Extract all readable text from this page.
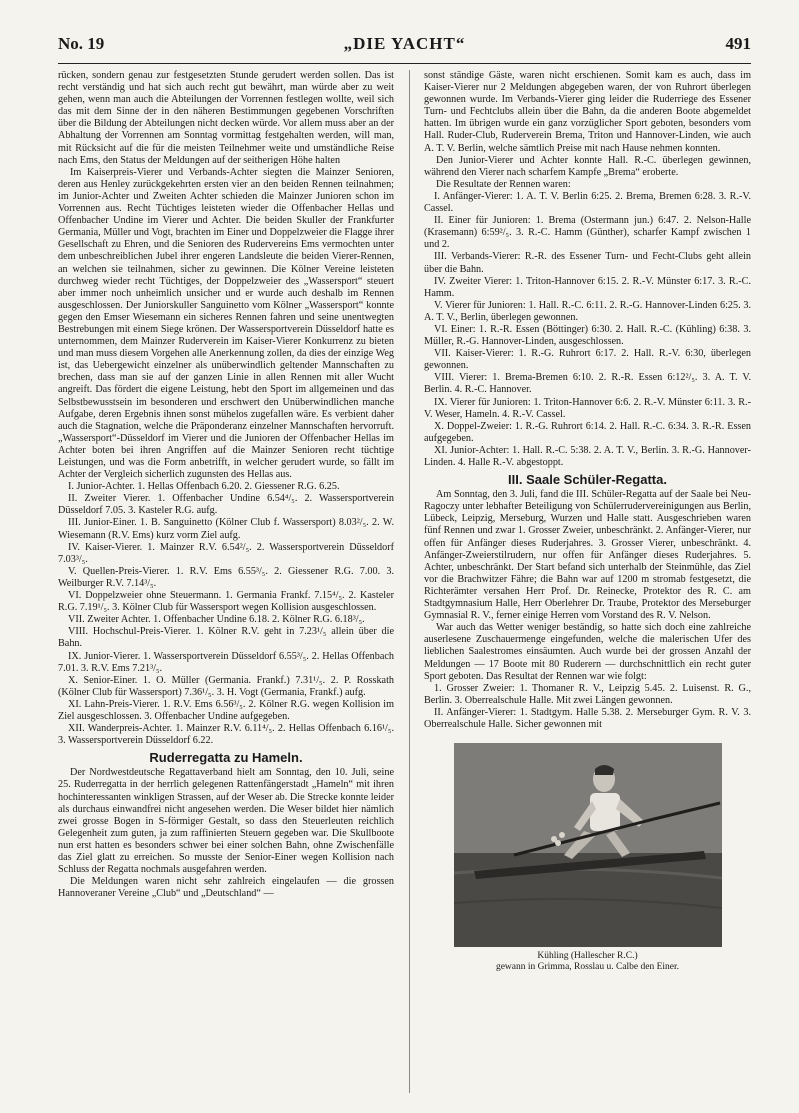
No. 19	„DIE YACHT“	491

rücken, sondern genau zur festgesetzten Stunde gerudert werden sollen. Das ist recht verständig und hat sich auch recht gut bewährt, man würde aber zu weit gehen, wenn man auch die Abteilungen der Vorrennen festlegen wollte, weil sich das mit dem Sinne der in den näheren Bestimmungen gegebenen Vorschriften über die Bildung der Abteilungen nicht decken würde. Vor allem muss aber an der Abhaltung der Vorrennen am Sonntag vormittag festgehalten werden, will man, mit Rücksicht auf die für die meisten Teilnehmer weite und umständliche Reise nach Ems, den Status der Meldungen auf der seitherigen Höhe halten

Im Kaiserpreis-Vierer und Verbands-Achter siegten die Mainzer Senioren, deren aus Henley zurückgekehrten ersten vier an den beiden Rennen teilnahmen; im Junior-Achter und Zweiten Achter schieden die Mainzer Junioren schon im Vorrennen aus. Recht Tüchtiges leisteten wieder die Offenbacher Hellas und Offenbacher Undine im Vierer und Achter. Die beiden Skuller der Frankfurter Germania, Müller und Vogt, brachten im Einer und Doppelzweier die Flagge ihrer Gesellschaft zu Ehren, und die Senioren des Rudervereins Ems vermochten unter dem unbeschreiblichen Jubel ihrer engeren Landsleute die beiden Vierer-Rennen, an welchen sie teilnahmen, sicher zu gewinnen. Die Kölner Vereine leisteten durchweg wieder recht Tüchtiges, der Doppelzweier des „Wassersport“ steuert aber immer noch unheimlich unsicher und er wurde auch deshalb im Rennen ausgeschlossen. Der Juniorskuller Sanguinetto vom Kölner „Wassersport“ konnte gegen den Emser Wiesemann ein sicheres Rennen fahren und seine unentwegten Bestrebungen mit einem Siege krönen. Der Wassersportverein Düsseldorf hatte es unternommen, dem Mainzer Ruderverein im Kaiser-Vierer Konkurrenz zu bieten und man muss diesem Vorgehen alle Anerkennung zollen, da dies der einzige Weg ist, das Uebergewicht einzelner als unüberwindlich geltender Mannschaften zu brechen, dass man sie auf der ganzen Linie in allen Rennen mit aller Wucht angreift. Das fördert die eigene Leistung, hebt den Sport im allgemeinen und das Selbstbewusstsein im besonderen und erschwert den Unüberwindlichen manche Aufgabe, deren Ergebnis ihnen sonst mühelos zugefallen wäre. Es verbient daher auch die Stagnation, welche die Präponderanz einzelner Mannschaften hervorruft. „Wassersport“-Düsseldorf im Vierer und die Junioren der Offenbacher Hellas im Achter boten bei ihren Angriffen auf die Mainzer Senioren recht tüchtige Leistungen, und was die Form anbetrifft, in welcher gerudert wurde, so fällt im Achter der Vergleich sicherlich zugunsten des Hellas aus.

I. Junior-Achter. 1. Hellas Offenbach 6.20. 2. Giessener R.G. 6.25.

II. Zweiter Vierer. 1. Offenbacher Undine 6.54⁴/₅. 2. Wassersportverein Düsseldorf 7.05. 3. Kasteler R.G. aufg.

III. Junior-Einer. 1. B. Sanguinetto (Kölner Club f. Wassersport) 8.03²/₅. 2. W. Wiesemann (R.V. Ems) kurz vorm Ziel aufg.

IV. Kaiser-Vierer. 1. Mainzer R.V. 6.54²/₅. 2. Wassersportverein Düsseldorf 7.03³/₅.

V. Quellen-Preis-Vierer. 1. R.V. Ems 6.55³/₅. 2. Giessener R.G. 7.00. 3. Weilburger R.V. 7.14³/₅.

VI. Doppelzweier ohne Steuermann. 1. Germania Frankf. 7.15⁴/₅. 2. Kasteler R.G. 7.19¹/₅. 3. Kölner Club für Wassersport wegen Kollision ausgeschlossen.

VII. Zweiter Achter. 1. Offenbacher Undine 6.18. 2. Kölner R.G. 6.18³/₅.

VIII. Hochschul-Preis-Vierer. 1. Kölner R.V. geht in 7.23¹/₅ allein über die Bahn.

IX. Junior-Vierer. 1. Wassersportverein Düsseldorf 6.55³/₅. 2. Hellas Offenbach 7.01. 3. R.V. Ems 7.21³/₅.

X. Senior-Einer. 1. O. Müller (Germania. Frankf.) 7.31¹/₅. 2. P. Rosskath (Kölner Club für Wassersport) 7.36¹/₅. 3. H. Vogt (Germania, Frankf.) aufg.

XI. Lahn-Preis-Vierer. 1. R.V. Ems 6.56³/₅. 2. Kölner R.G. wegen Kollision im Ziel ausgeschlossen. 3. Offenbacher Undine aufgegeben.

XII. Wanderpreis-Achter. 1. Mainzer R.V. 6.11⁴/₅. 2. Hellas Offenbach 6.16¹/₅. 3. Wassersportverein Düsseldorf 6.22.

Ruderregatta zu Hameln.

Der Nordwestdeutsche Regattaverband hielt am Sonntag, den 10. Juli, seine 25. Ruderregatta in der herrlich gelegenen Rattenfängerstadt „Hameln“ mit ihren hochinteressanten winkligen Strassen, auf der Weser ab. Die Strecke konnte leider als durchaus einwandfrei nicht angesehen werden. Die Weser bildet hier nämlich zwei grosse Bogen in S-förmiger Gestalt, so dass den Steuerleuten reichlich Gelegenheit zum guten, ja zum raffinierten Steuern gegeben war. Die Skullboote nun erst hatten es besonders schwer bei einer solchen Bahn, ohne Zwischenfälle das Ziel glatt zu erreichen. So musste der Senior-Einer wegen Kollision nach Schluss der Regatta nochmals ausgefahren werden.

Die Meldungen waren nicht sehr zahlreich eingelaufen — die grossen Hannoveraner Vereine „Club“ und „Deutschland“ —

sonst ständige Gäste, waren nicht erschienen. Somit kam es auch, dass im Kaiser-Vierer nur 2 Meldungen abgegeben waren, der von Ruhrort überlegen gewonnen wurde. Im Verbands-Vierer ging leider die Ruderriege des Essener Turn- und Fechtclubs allein über die Bahn, da die anderen Boote abgemeldet hatten. Im übrigen wurde ein ganz vorzüglicher Sport geboten, besonders vom Hall. Ruder-Club, Ruderverein Brema, Triton und Hannover-Linden, wie auch A. T. V. Berlin, welche sämtlich Preise mit nach Hause nehmen konnten.

Den Junior-Vierer und Achter konnte Hall. R.-C. überlegen gewinnen, während den Vierer nach scharfem Kampfe „Brema“ eroberte.

Die Resultate der Rennen waren:

I. Anfänger-Vierer: 1. A. T. V. Berlin 6:25. 2. Brema, Bremen 6:28. 3. R.-V. Cassel.

II. Einer für Junioren: 1. Brema (Ostermann jun.) 6:47. 2. Nelson-Halle (Krasemann) 6:59²/₅. 3. R.-C. Hamm (Günther), scharfer Kampf zwischen 1 und 2.

III. Verbands-Vierer: R.-R. des Essener Turn- und Fecht-Clubs geht allein über die Bahn.

IV. Zweiter Vierer: 1. Triton-Hannover 6:15. 2. R.-V. Münster 6:17. 3. R.-C. Hamm.

V. Vierer für Junioren: 1. Hall. R.-C. 6:11. 2. R.-G. Hannover-Linden 6:25. 3. A. T. V., Berlin, überlegen gewonnen.

VI. Einer: 1. R.-R. Essen (Böttinger) 6:30. 2. Hall. R.-C. (Kühling) 6:38. 3. Müller, R.-G. Hannover-Linden, ausgeschlossen.

VII. Kaiser-Vierer: 1. R.-G. Ruhrort 6:17. 2. Hall. R.-V. 6:30, überlegen gewonnen.

VIII. Vierer: 1. Brema-Bremen 6:10. 2. R.-R. Essen 6:12²/₅. 3. A. T. V. Berlin. 4. R.-C. Hannover.

IX. Vierer für Junioren: 1. Triton-Hannover 6:6. 2. R.-V. Münster 6:11. 3. R.-V. Weser, Hameln. 4. R.-V. Cassel.

X. Doppel-Zweier: 1. R.-G. Ruhrort 6:14. 2. Hall. R.-C. 6:34. 3. R.-R. Essen aufgegeben.

XI. Junior-Achter: 1. Hall. R.-C. 5:38. 2. A. T. V., Berlin. 3. R.-G. Hannover-Linden. 4. Halle R.-V. abgestoppt.

III. Saale Schüler-Regatta.

Am Sonntag, den 3. Juli, fand die III. Schüler-Regatta auf der Saale bei Neu-Ragoczy unter lebhafter Beteiligung von Schülerrudervereinigungen aus Berlin, Lübeck, Leipzig, Merseburg, Wurzen und Halle statt. Ausgeschrieben waren fünf Rennen und zwar 1. Grosser Zweier, unbeschränkt. 2. Anfänger-Vierer, nur offen für Anfänger dieses Ruderjahres. 3. Grosser Vierer, unbeschränkt. 4. Anfänger-Zweierstilrudern, nur offen für Anfänger dieses Ruderjahres. 5. Achter, unbeschränkt. Der Start befand sich unterhalb der Steinmühle, das Ziel vor die Brachwitzer Fähre; die Bahn war auf 1200 m stromab festgesetzt, die Richterämter versahen Herr Prof. Dr. Reinecke, Protektor des R. C. am Stadtgymnasium Halle, Herr Oberlehrer Dr. Traube, Protektor des Merseburger Gymnasial R. V., ferner einige Herren vom Vorstand des R. V. Nelson.

War auch das Wetter weniger beständig, so hatte sich doch eine zahlreiche auserlesene Zuschauermenge eingefunden, welche die malerischen Ufer des lieblichen Saalestromes einsäumten. Auch wurde bei der grossen Anzahl der Meldungen — 17 Boote mit 80 Ruderern — durchschnittlich ein recht guter Sport geboten. Das Resultat der Rennen war wie folgt:

1. Grosser Zweier: 1. Thomaner R. V., Leipzig 5.45. 2. Luisenst. R. G., Berlin. 3. Oberrealschule Halle. Mit zwei Längen gewonnen.

II. Anfänger-Vierer: 1. Stadtgym. Halle 5.38. 2. Merseburger Gym. R. V. 3. Oberrealschule Halle. Sicher gewonnen mit

Kühling (Hallescher R.C.)
gewann in Grimma, Rosslau u. Calbe den Einer.
